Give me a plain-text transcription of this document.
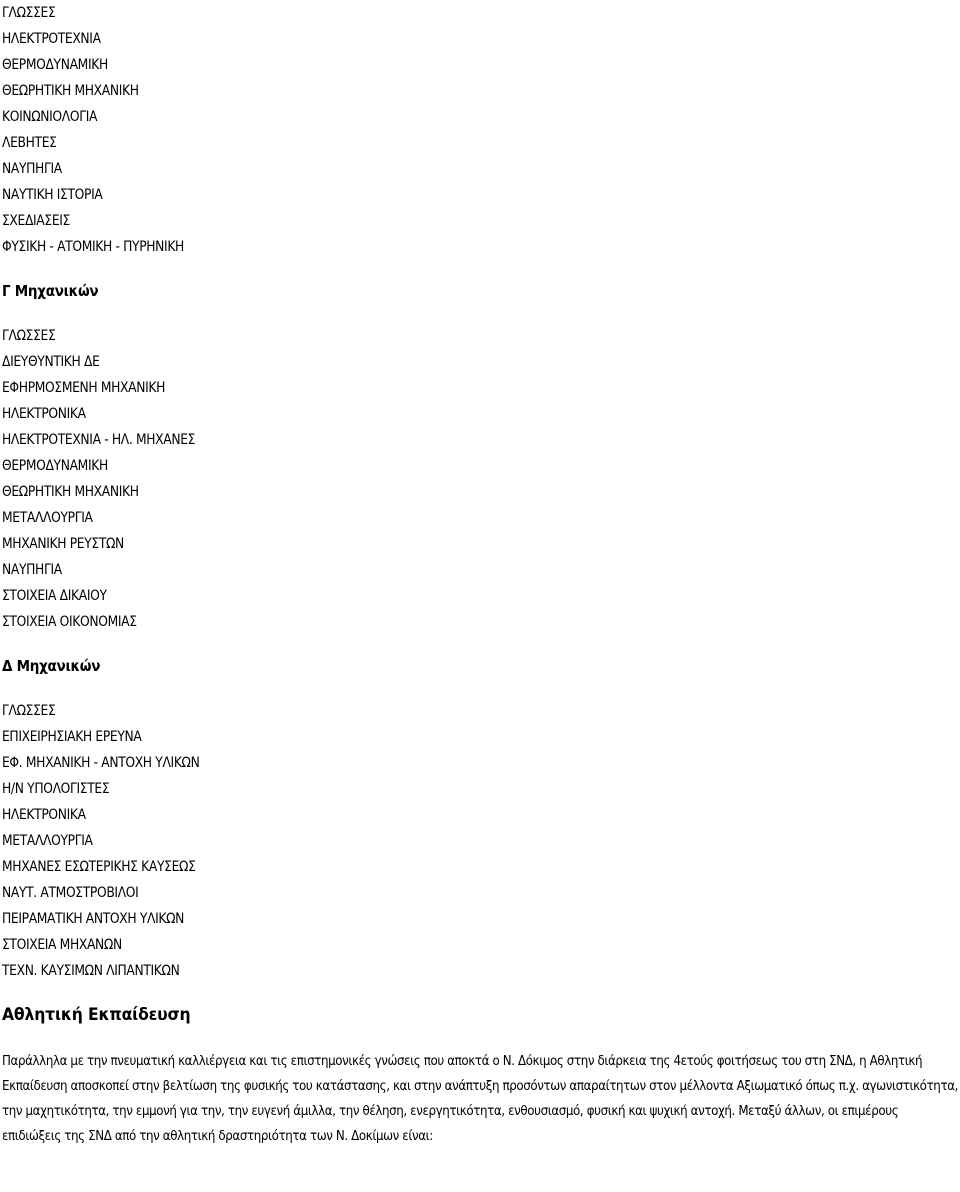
ΓΛΩΣΣΕΣ
ΗΛΕΚΤΡΟΤΕΧΝΙΑ
ΘΕΡΜΟΔΥΝΑΜΙΚΗ
ΘΕΩΡΗΤΙΚΗ ΜΗΧΑΝΙΚΗ
ΚΟΙΝΩΝΙΟΛΟΓΙΑ
ΛΕΒΗΤΕΣ
ΝΑΥΠΗΓΙΑ
ΝΑΥΤΙΚΗ ΙΣΤΟΡΙΑ
ΣΧΕΔΙΑΣΕΙΣ
ΦΥΣΙΚΗ - ΑΤΟΜΙΚΗ - ΠΥΡΗΝΙΚΗ
Γ Μηχανικών
ΓΛΩΣΣΕΣ
ΔΙΕΥΘΥΝΤΙΚΗ ΔΕ
ΕΦΗΡΜΟΣΜΕΝΗ ΜΗΧΑΝΙΚΗ
ΗΛΕΚΤΡΟΝΙΚΑ
ΗΛΕΚΤΡΟΤΕΧΝΙΑ - ΗΛ. ΜΗΧΑΝΕΣ
ΘΕΡΜΟΔΥΝΑΜΙΚΗ
ΘΕΩΡΗΤΙΚΗ ΜΗΧΑΝΙΚΗ
ΜΕΤΑΛΛΟΥΡΓΙΑ
ΜΗΧΑΝΙΚΗ ΡΕΥΣΤΩΝ
ΝΑΥΠΗΓΙΑ
ΣΤΟΙΧΕΙΑ ΔΙΚΑΙΟΥ
ΣΤΟΙΧΕΙΑ ΟΙΚΟΝΟΜΙΑΣ
Δ Μηχανικών
ΓΛΩΣΣΕΣ
ΕΠΙΧΕΙΡΗΣΙΑΚΗ ΕΡΕΥΝΑ
ΕΦ. ΜΗΧΑΝΙΚΗ - ΑΝΤΟΧΗ ΥΛΙΚΩΝ
Η/Ν ΥΠΟΛΟΓΙΣΤΕΣ
ΗΛΕΚΤΡΟΝΙΚΑ
ΜΕΤΑΛΛΟΥΡΓΙΑ
ΜΗΧΑΝΕΣ ΕΣΩΤΕΡΙΚΗΣ ΚΑΥΣΕΩΣ
ΝΑΥΤ. ΑΤΜΟΣΤΡΟΒΙΛΟΙ
ΠΕΙΡΑΜΑΤΙΚΗ ΑΝΤΟΧΗ ΥΛΙΚΩΝ
ΣΤΟΙΧΕΙΑ ΜΗΧΑΝΩΝ
ΤΕΧΝ. ΚΑΥΣΙΜΩΝ ΛΙΠΑΝΤΙΚΩΝ
Αθλητική Εκπαίδευση
Παράλληλα με την πνευματική καλλιέργεια και τις επιστημονικές γνώσεις που αποκτά ο Ν. Δόκιμος στην διάρκεια της 4ετούς φοιτήσεως του στη ΣΝΔ, η Αθλητική Εκπαίδευση αποσκοπεί στην βελτίωση της φυσικής του κατάστασης, και στην ανάπτυξη προσόντων απαραίτητων στον μέλλοντα Αξιωματικό όπως π.χ. αγωνιστικότητα, την μαχητικότητα, την εμμονή για την, την ευγενή άμιλλα, την θέληση, ενεργητικότητα, ενθουσιασμό, φυσική και ψυχική αντοχή. Μεταξύ άλλων, οι επιμέρους επιδιώξεις της ΣΝΔ από την αθλητική δραστηριότητα των Ν. Δοκίμων είναι:
